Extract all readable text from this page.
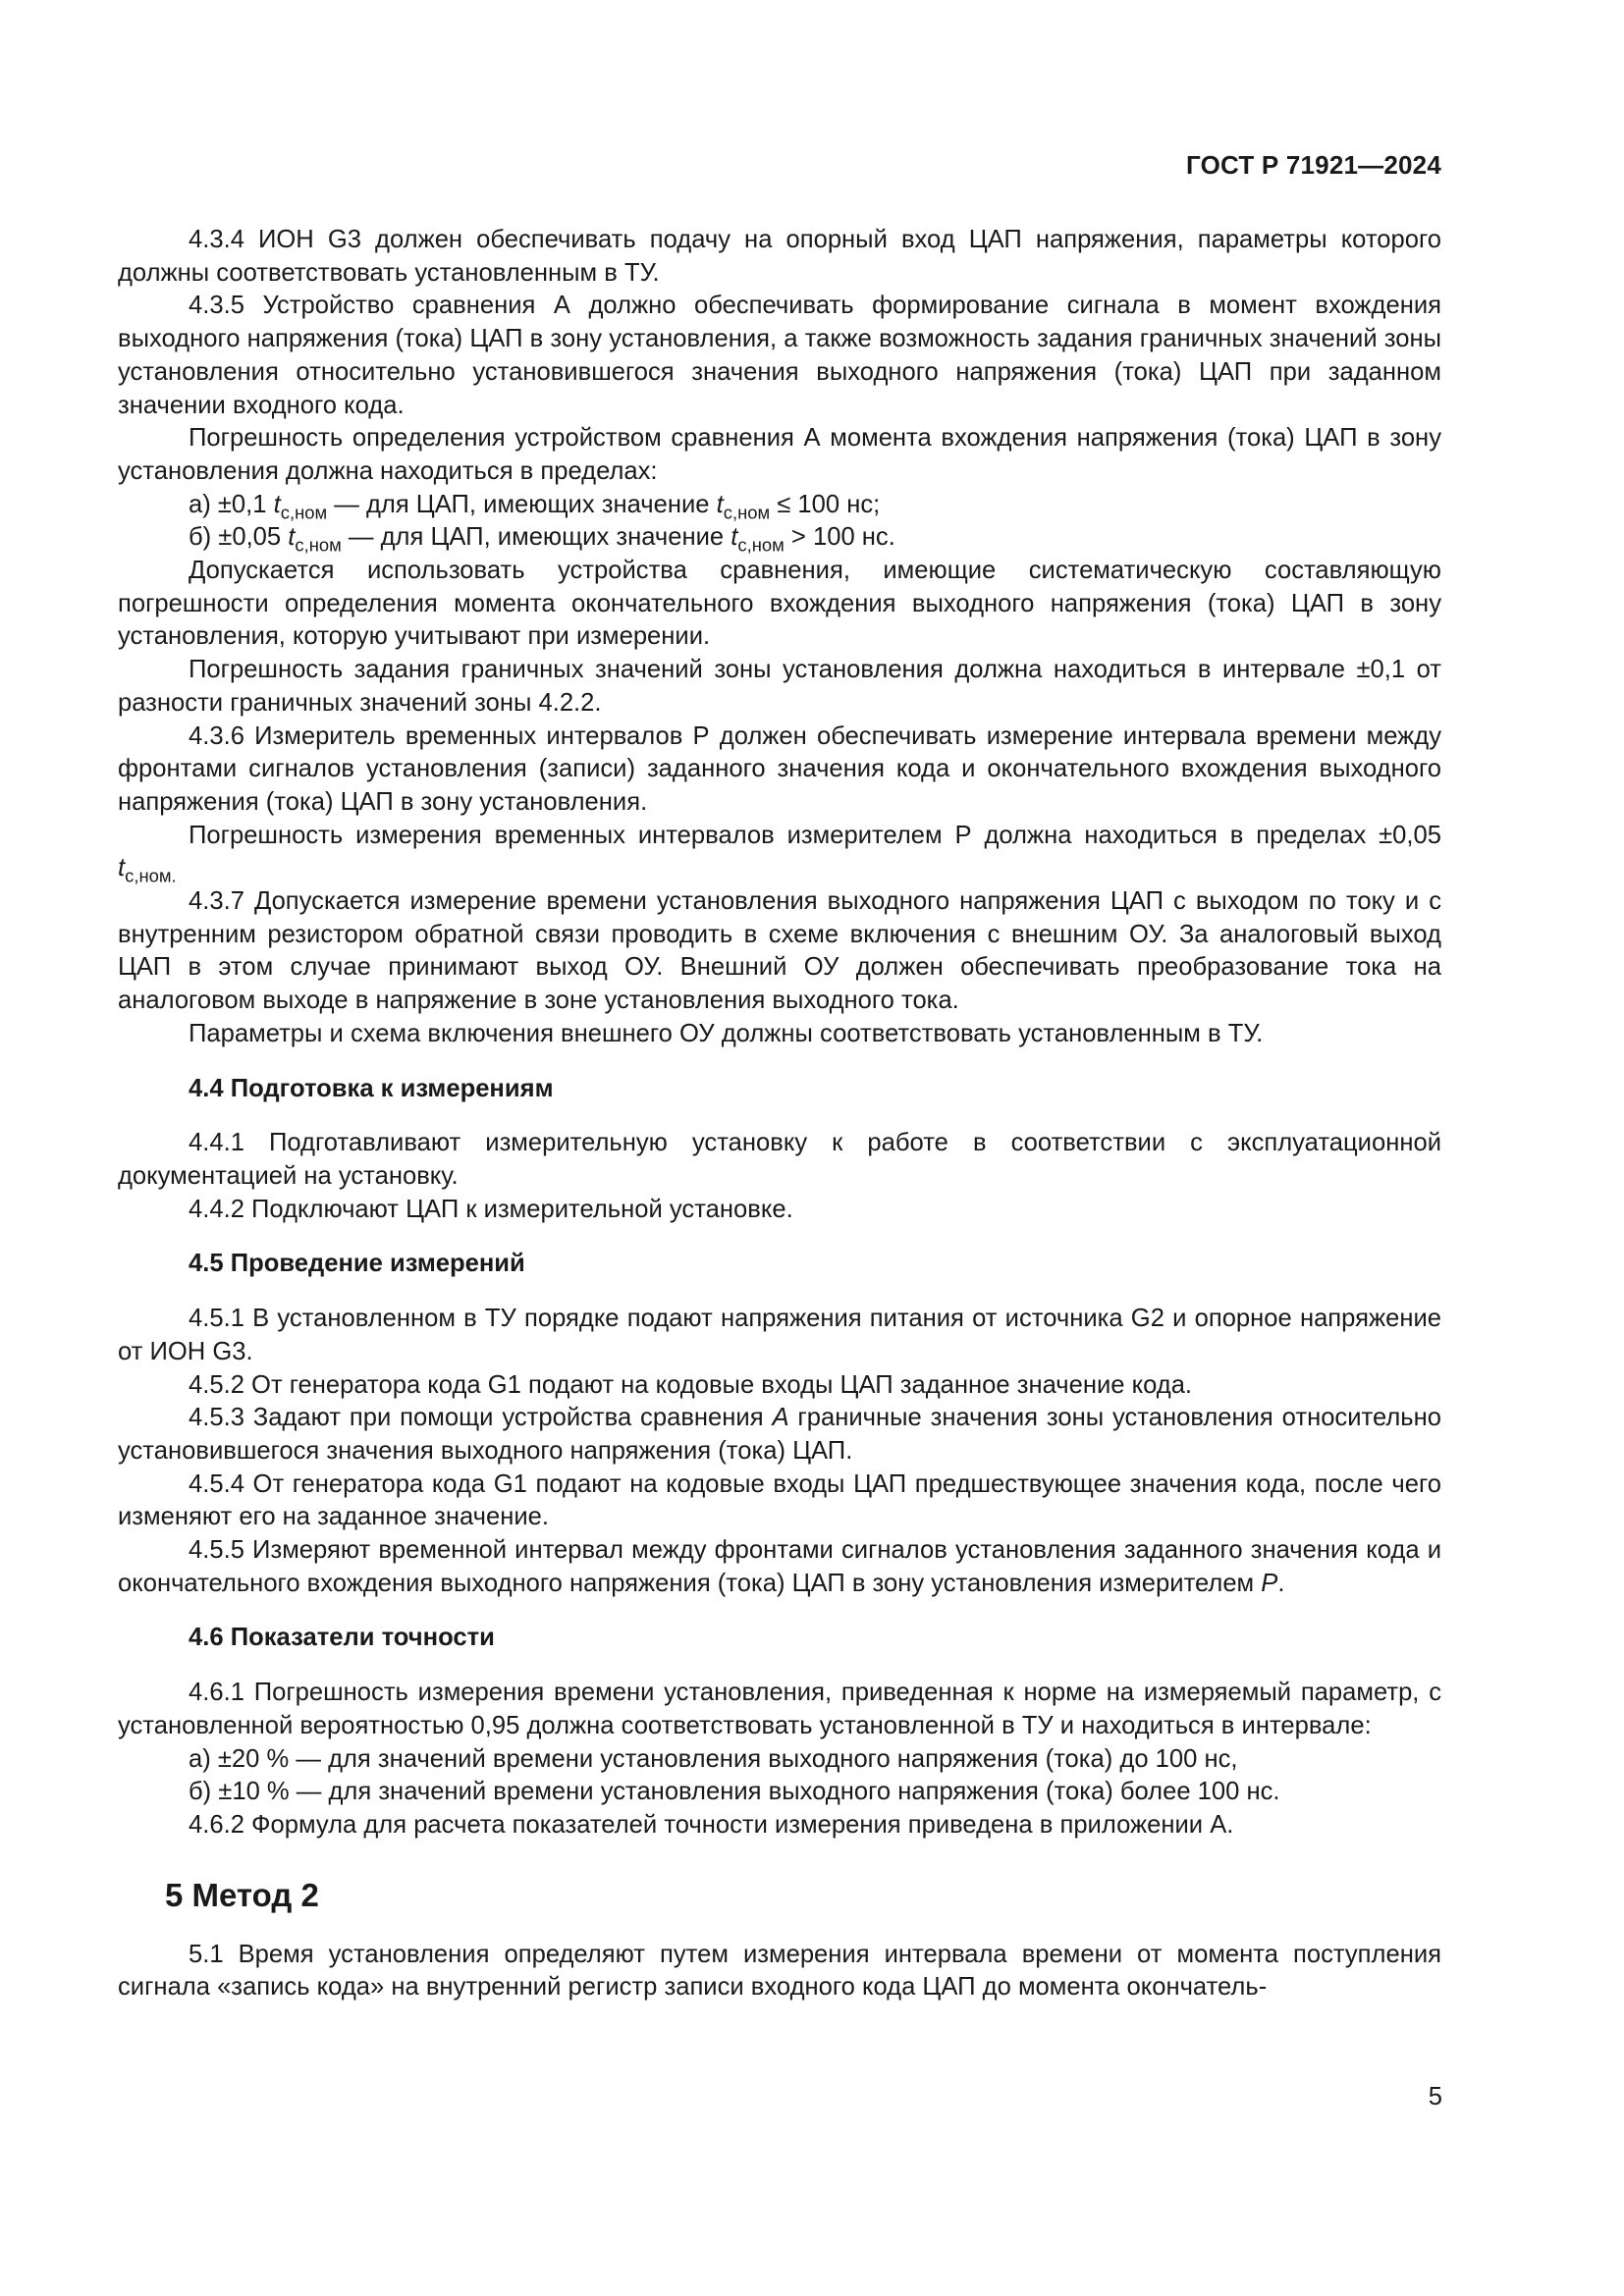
ГОСТ Р 71921—2024

4.3.4 ИОН G3 должен обеспечивать подачу на опорный вход ЦАП напряжения, параметры которого должны соответствовать установленным в ТУ.

4.3.5 Устройство сравнения А должно обеспечивать формирование сигнала в момент вхождения выходного напряжения (тока) ЦАП в зону установления, а также возможность задания граничных значений зоны установления относительно установившегося значения выходного напряжения (тока) ЦАП при заданном значении входного кода.

Погрешность определения устройством сравнения А момента вхождения напряжения (тока) ЦАП в зону установления должна находиться в пределах:

а) ±0,1 $t_{c,ном}$ — для ЦАП, имеющих значение $t_{c,ном} \le 100$ нс;

б) ±0,05 $t_{c,ном}$ — для ЦАП, имеющих значение $t_{c,ном} > 100$ нс.

Допускается использовать устройства сравнения, имеющие систематическую составляющую погрешности определения момента окончательного вхождения выходного напряжения (тока) ЦАП в зону установления, которую учитывают при измерении.

Погрешность задания граничных значений зоны установления должна находиться в интервале ±0,1 от разности граничных значений зоны 4.2.2.

4.3.6 Измеритель временных интервалов Р должен обеспечивать измерение интервала времени между фронтами сигналов установления (записи) заданного значения кода и окончательного вхождения выходного напряжения (тока) ЦАП в зону установления.

Погрешность измерения временных интервалов измерителем Р должна находиться в пределах ±0,05 $t_{c,ном.}$

4.3.7 Допускается измерение времени установления выходного напряжения ЦАП с выходом по току и с внутренним резистором обратной связи проводить в схеме включения с внешним ОУ. За аналоговый выход ЦАП в этом случае принимают выход ОУ. Внешний ОУ должен обеспечивать преобразование тока на аналоговом выходе в напряжение в зоне установления выходного тока.

Параметры и схема включения внешнего ОУ должны соответствовать установленным в ТУ.

4.4 Подготовка к измерениям

4.4.1 Подготавливают измерительную установку к работе в соответствии с эксплуатационной документацией на установку.

4.4.2 Подключают ЦАП к измерительной установке.

4.5 Проведение измерений

4.5.1 В установленном в ТУ порядке подают напряжения питания от источника G2 и опорное напряжение от ИОН G3.

4.5.2 От генератора кода G1 подают на кодовые входы ЦАП заданное значение кода.

4.5.3 Задают при помощи устройства сравнения А граничные значения зоны установления относительно установившегося значения выходного напряжения (тока) ЦАП.

4.5.4 От генератора кода G1 подают на кодовые входы ЦАП предшествующее значения кода, после чего изменяют его на заданное значение.

4.5.5 Измеряют временной интервал между фронтами сигналов установления заданного значения кода и окончательного вхождения выходного напряжения (тока) ЦАП в зону установления измерителем Р.

4.6 Показатели точности

4.6.1 Погрешность измерения времени установления, приведенная к норме на измеряемый параметр, с установленной вероятностью 0,95 должна соответствовать установленной в ТУ и находиться в интервале:

а) ±20 % — для значений времени установления выходного напряжения (тока) до 100 нс,

б) ±10 % — для значений времени установления выходного напряжения (тока) более 100 нс.

4.6.2 Формула для расчета показателей точности измерения приведена в приложении А.

5 Метод 2

5.1 Время установления определяют путем измерения интервала времени от момента поступления сигнала «запись кода» на внутренний регистр записи входного кода ЦАП до момента окончатель-

5
